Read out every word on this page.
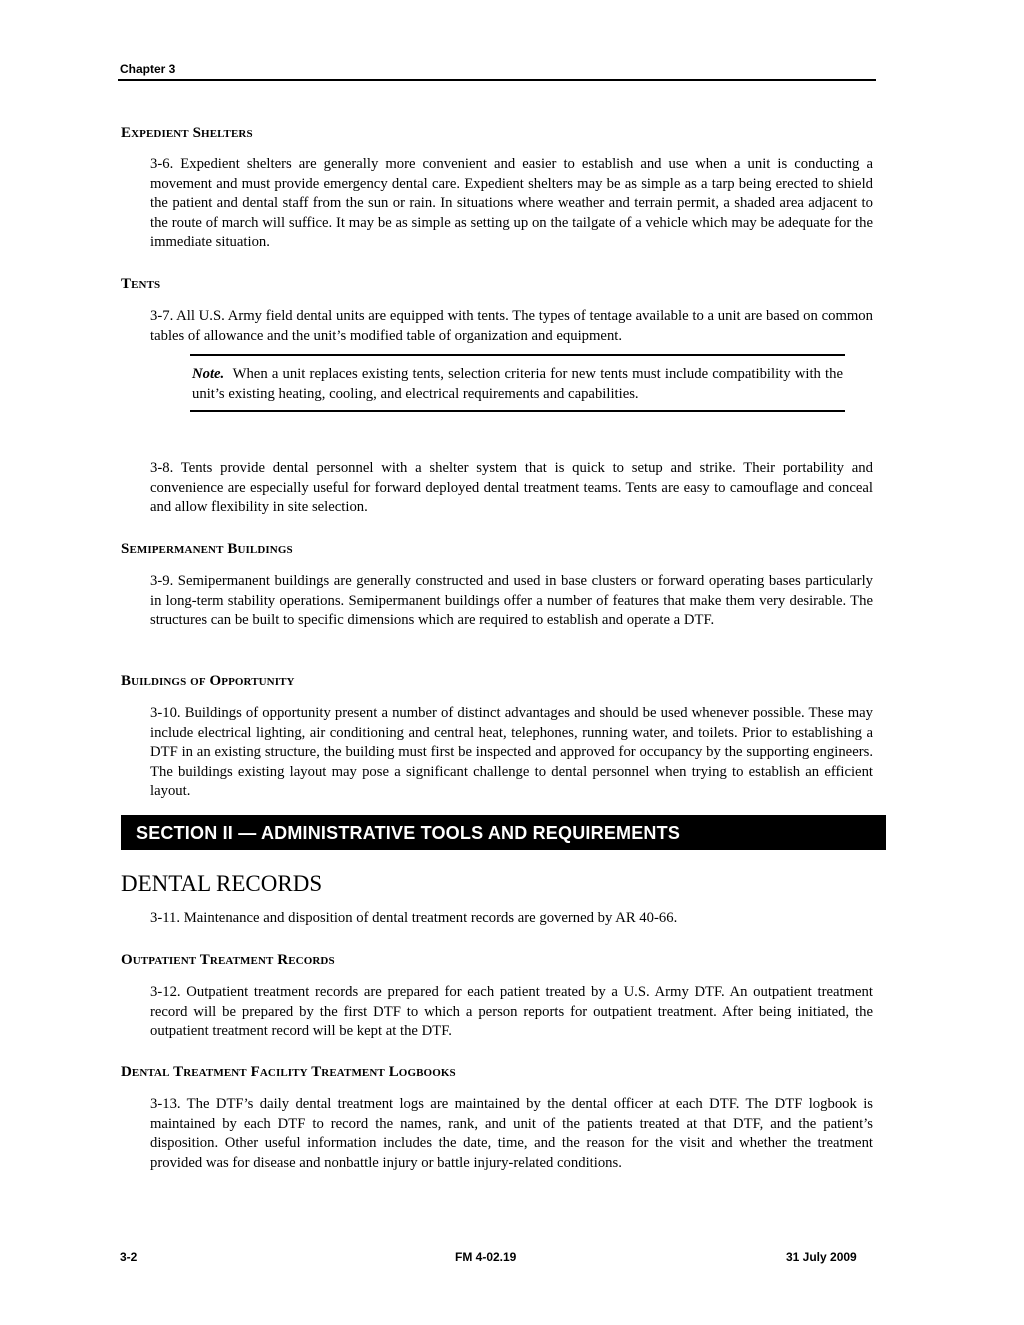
Chapter 3
Expedient Shelters

3-6. Expedient shelters are generally more convenient and easier to establish and use when a unit is conducting a movement and must provide emergency dental care. Expedient shelters may be as simple as a tarp being erected to shield the patient and dental staff from the sun or rain. In situations where weather and terrain permit, a shaded area adjacent to the route of march will suffice. It may be as simple as setting up on the tailgate of a vehicle which may be adequate for the immediate situation.

Tents

3-7. All U.S. Army field dental units are equipped with tents. The types of tentage available to a unit are based on common tables of allowance and the unit’s modified table of organization and equipment.

Note. When a unit replaces existing tents, selection criteria for new tents must include compatibility with the unit’s existing heating, cooling, and electrical requirements and capabilities.

3-8. Tents provide dental personnel with a shelter system that is quick to setup and strike. Their portability and convenience are especially useful for forward deployed dental treatment teams. Tents are easy to camouflage and conceal and allow flexibility in site selection.

Semipermanent Buildings

3-9. Semipermanent buildings are generally constructed and used in base clusters or forward operating bases particularly in long-term stability operations. Semipermanent buildings offer a number of features that make them very desirable. The structures can be built to specific dimensions which are required to establish and operate a DTF.

Buildings of Opportunity

3-10. Buildings of opportunity present a number of distinct advantages and should be used whenever possible. These may include electrical lighting, air conditioning and central heat, telephones, running water, and toilets. Prior to establishing a DTF in an existing structure, the building must first be inspected and approved for occupancy by the supporting engineers. The buildings existing layout may pose a significant challenge to dental personnel when trying to establish an efficient layout.

SECTION II — ADMINISTRATIVE TOOLS AND REQUIREMENTS
DENTAL RECORDS

3-11. Maintenance and disposition of dental treatment records are governed by AR 40-66.

Outpatient Treatment Records

3-12. Outpatient treatment records are prepared for each patient treated by a U.S. Army DTF. An outpatient treatment record will be prepared by the first DTF to which a person reports for outpatient treatment. After being initiated, the outpatient treatment record will be kept at the DTF.

Dental Treatment Facility Treatment Logbooks

3-13. The DTF’s daily dental treatment logs are maintained by the dental officer at each DTF. The DTF logbook is maintained by each DTF to record the names, rank, and unit of the patients treated at that DTF, and the patient’s disposition. Other useful information includes the date, time, and the reason for the visit and whether the treatment provided was for disease and nonbattle injury or battle injury-related conditions.

3-2	FM 4-02.19	31 July 2009
